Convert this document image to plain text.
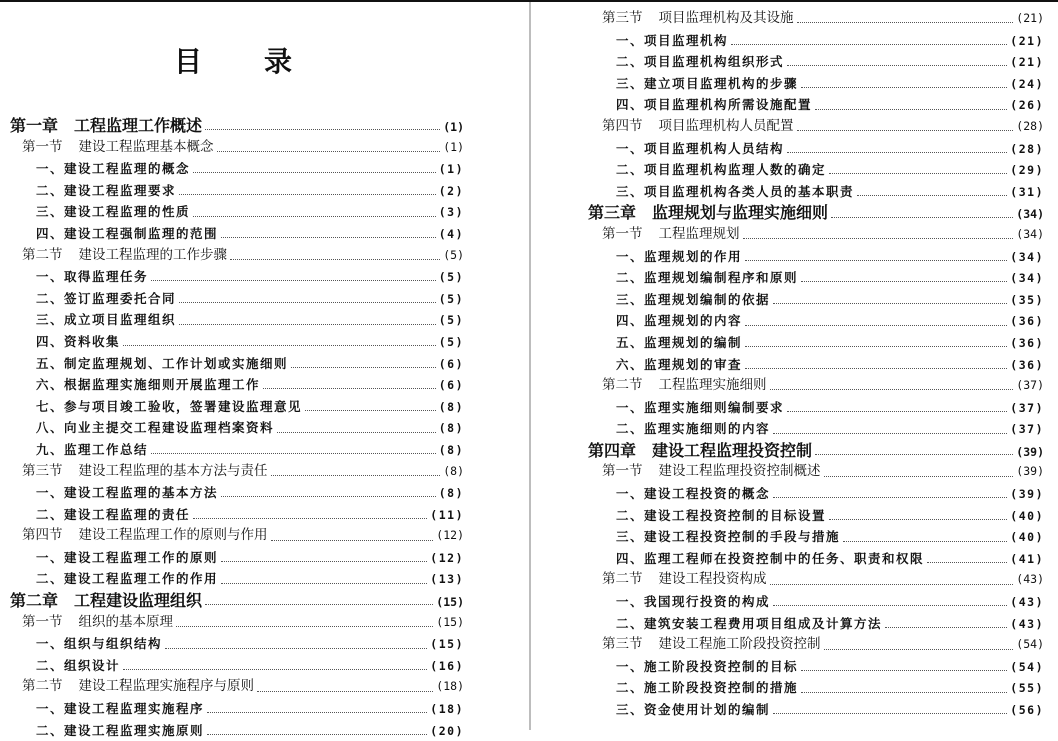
目录
第一章 工程监理工作概述	(1)
第一节 建设工程监理基本概念	(1)
一、建设工程监理的概念	(1)
二、建设工程监理要求	(2)
三、建设工程监理的性质	(3)
四、建设工程强制监理的范围	(4)
第二节 建设工程监理的工作步骤	(5)
一、取得监理任务	(5)
二、签订监理委托合同	(5)
三、成立项目监理组织	(5)
四、资料收集	(5)
五、制定监理规划、工作计划或实施细则	(6)
六、根据监理实施细则开展监理工作	(6)
七、参与项目竣工验收，签署建设监理意见	(8)
八、向业主提交工程建设监理档案资料	(8)
九、监理工作总结	(8)
第三节 建设工程监理的基本方法与责任	(8)
一、建设工程监理的基本方法	(8)
二、建设工程监理的责任	(11)
第四节 建设工程监理工作的原则与作用	(12)
一、建设工程监理工作的原则	(12)
二、建设工程监理工作的作用	(13)
第二章 工程建设监理组织	(15)
第一节 组织的基本原理	(15)
一、组织与组织结构	(15)
二、组织设计	(16)
第二节 建设工程监理实施程序与原则	(18)
一、建设工程监理实施程序	(18)
二、建设工程监理实施原则	(20)
第三节 项目监理机构及其设施	(21)
一、项目监理机构	(21)
二、项目监理机构组织形式	(21)
三、建立项目监理机构的步骤	(24)
四、项目监理机构所需设施配置	(26)
第四节 项目监理机构人员配置	(28)
一、项目监理机构人员结构	(28)
二、项目监理机构监理人数的确定	(29)
三、项目监理机构各类人员的基本职责	(31)
第三章 监理规划与监理实施细则	(34)
第一节 工程监理规划	(34)
一、监理规划的作用	(34)
二、监理规划编制程序和原则	(34)
三、监理规划编制的依据	(35)
四、监理规划的内容	(36)
五、监理规划的编制	(36)
六、监理规划的审查	(36)
第二节 工程监理实施细则	(37)
一、监理实施细则编制要求	(37)
二、监理实施细则的内容	(37)
第四章 建设工程监理投资控制	(39)
第一节 建设工程监理投资控制概述	(39)
一、建设工程投资的概念	(39)
二、建设工程投资控制的目标设置	(40)
三、建设工程投资控制的手段与措施	(40)
四、监理工程师在投资控制中的任务、职责和权限	(41)
第二节 建设工程投资构成	(43)
一、我国现行投资的构成	(43)
二、建筑安装工程费用项目组成及计算方法	(43)
第三节 建设工程施工阶段投资控制	(54)
一、施工阶段投资控制的目标	(54)
二、施工阶段投资控制的措施	(55)
三、资金使用计划的编制	(56)
